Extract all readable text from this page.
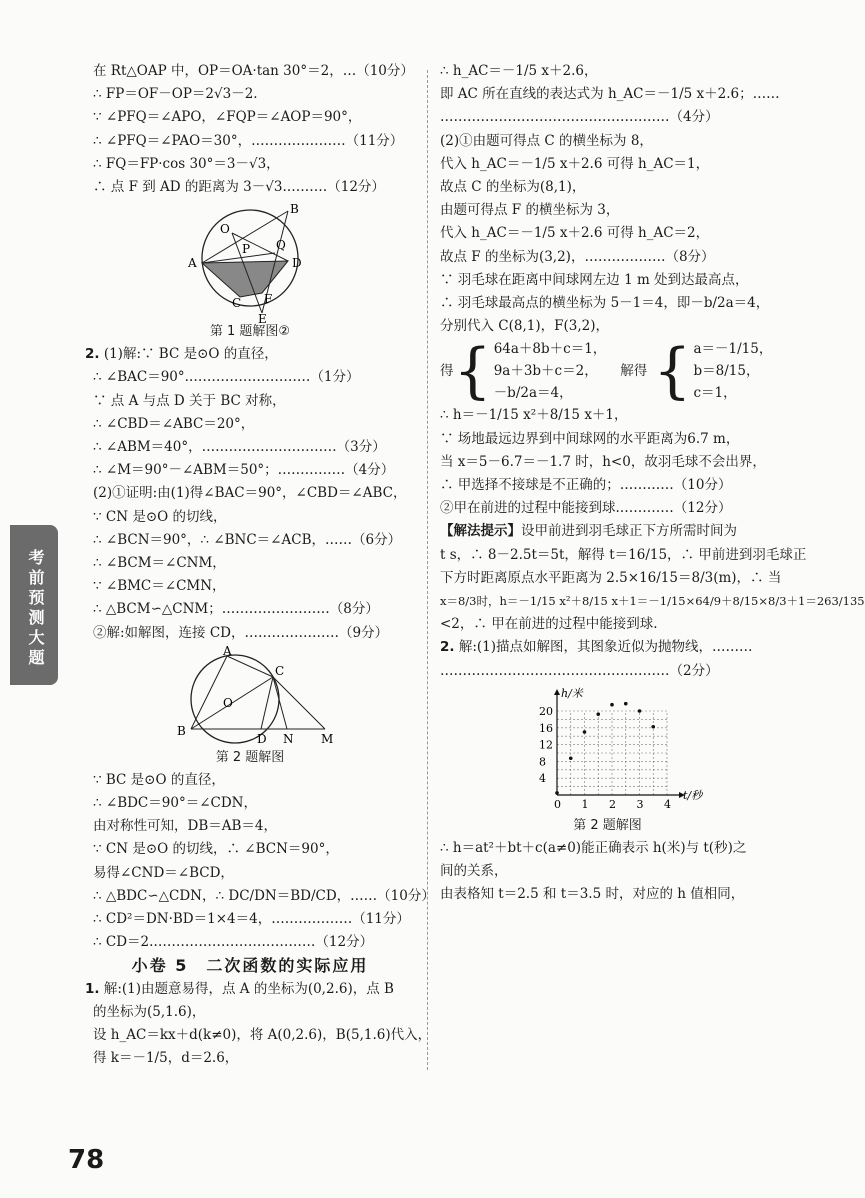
考前预测大题
在 Rt△OAP 中，OP＝OA·tan 30°＝2，…（10分）
∴ FP＝OF－OP＝2√3－2.
∵ ∠PFQ＝∠APO，∠FQP＝∠AOP＝90°，
∴ ∠PFQ＝∠PAO＝30°，…………………（11分）
∴ FQ＝FP·cos 30°＝3－√3，
∴ 点 F 到 AD 的距离为 3－√3.………（12分）
O
B
A
P Q
D
C F
E
第 1 题解图②
2. (1)解:∵ BC 是⊙O 的直径，
∴ ∠BAC＝90°.………………………（1分）
∵ 点 A 与点 D 关于 BC 对称，
∴ ∠CBD＝∠ABC＝20°，
∴ ∠ABM＝40°，…………………………（3分）
∴ ∠M＝90°－∠ABM＝50°；……………（4分）
(2)①证明:由(1)得∠BAC＝90°，∠CBD＝∠ABC，
∵ CN 是⊙O 的切线，
∴ ∠BCN＝90°，∴ ∠BNC＝∠ACB，……（6分）
∴ ∠BCM＝∠CNM，
∵ ∠BMC＝∠CMN，
∴ △BCM∽△CNM；……………………（8分）
②解:如解图，连接 CD，…………………（9分）
A
C
O
B
D N M
第 2 题解图
∵ BC 是⊙O 的直径，
∴ ∠BDC＝90°＝∠CDN，
由对称性可知，DB＝AB＝4，
∵ CN 是⊙O 的切线，∴ ∠BCN＝90°，
易得∠CND＝∠BCD，
∴ △BDC∽△CDN，∴ DC/DN＝BD/CD，……（10分）
∴ CD²＝DN·BD＝1×4＝4，………………（11分）
∴ CD＝2.………………………………（12分）
小卷 5　二次函数的实际应用
1. 解:(1)由题意易得，点 A 的坐标为(0,2.6)，点 B
的坐标为(5,1.6)，
设 h_AC＝kx＋d(k≠0)，将 A(0,2.6)，B(5,1.6)代入，
得 k＝－1/5，d＝2.6，
∴ h_AC＝－1/5 x＋2.6，
即 AC 所在直线的表达式为 h_AC＝－1/5 x＋2.6；……
……………………………………………（4分）
(2)①由题可得点 C 的横坐标为 8，
代入 h_AC＝－1/5 x＋2.6 可得 h_AC＝1，
故点 C 的坐标为(8,1)，
由题可得点 F 的横坐标为 3，
代入 h_AC＝－1/5 x＋2.6 可得 h_AC＝2，
故点 F 的坐标为(3,2)，………………（8分）
∵ 羽毛球在距离中间球网左边 1 m 处到达最高点，
∴ 羽毛球最高点的横坐标为 5－1＝4，即－b/2a＝4，
分别代入 C(8,1)，F(3,2)，
得 { 64a＋8b＋c＝1，
9a＋3b＋c＝2，
－b/2a＝4，
解得 { a＝－1/15，
b＝8/15，
c＝1，
∴ h＝－1/15 x²＋8/15 x＋1，
∵ 场地最远边界到中间球网的水平距离为6.7 m，
当 x＝5－6.7＝－1.7 时，h<0，故羽毛球不会出界，
∴ 甲选择不接球是不正确的；…………（10分）
②甲在前进的过程中能接到球.…………（12分）
【解法提示】设甲前进到羽毛球正下方所需时间为
t s，∴ 8－2.5t＝5t，解得 t＝16/15，∴ 甲前进到羽毛球正
下方时距离原点水平距离为 2.5×16/15＝8/3(m)，∴ 当
x＝8/3时，h＝－1/15 x²＋8/15 x＋1＝－1/15×64/9＋8/15×8/3＋1＝263/135
<2，∴ 甲在前进的过程中能接到球.
2. 解:(1)描点如解图，其图象近似为抛物线，………
……………………………………………（2分）
0 1 2 3 4
4
8
12
16
20
t/秒
h/米
第 2 题解图
∴ h＝at²＋bt＋c(a≠0)能正确表示 h(米)与 t(秒)之
间的关系，
由表格知 t＝2.5 和 t＝3.5 时，对应的 h 值相同，
78
